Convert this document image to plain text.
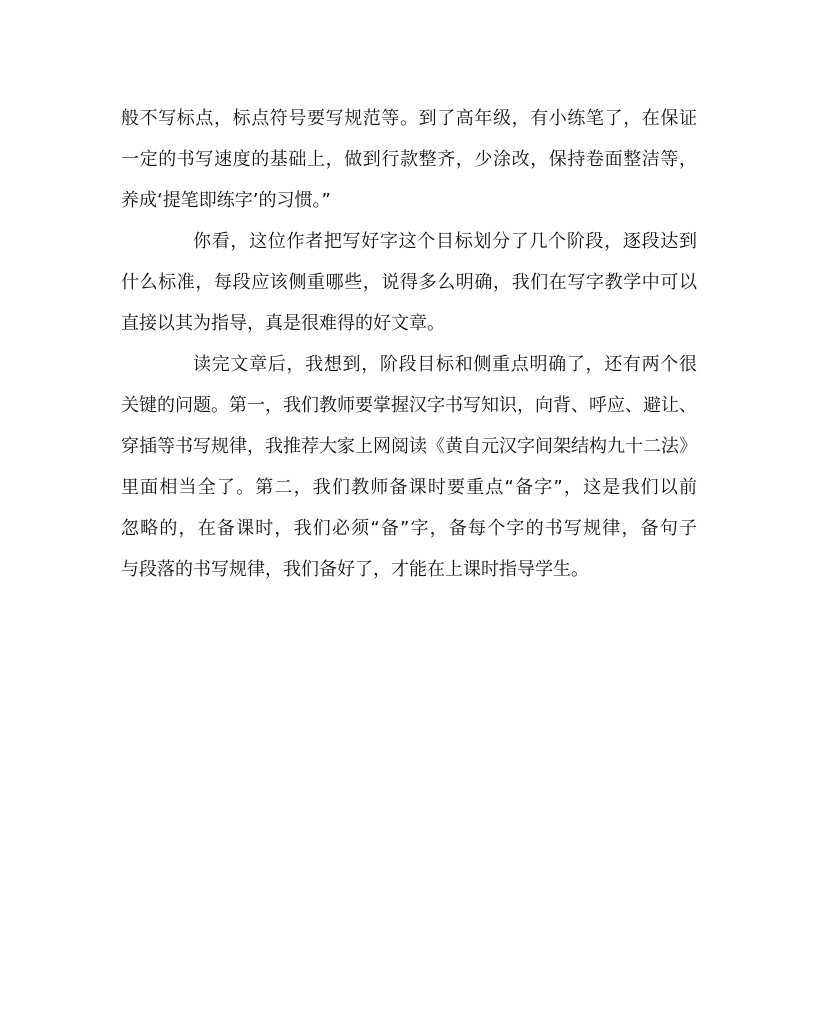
般不写标点，标点符号要写规范等。到了高年级，有小练笔了，在保证
一定的书写速度的基础上，做到行款整齐，少涂改，保持卷面整洁等，
养成‘提笔即练字’的习惯。”
你看，这位作者把写好字这个目标划分了几个阶段，逐段达到
什么标准，每段应该侧重哪些，说得多么明确，我们在写字教学中可以
直接以其为指导，真是很难得的好文章。
读完文章后，我想到，阶段目标和侧重点明确了，还有两个很
关键的问题。第一，我们教师要掌握汉字书写知识，向背、呼应、避让、
穿插等书写规律，我推荐大家上网阅读《黄自元汉字间架结构九十二法》
里面相当全了。第二，我们教师备课时要重点“备字”，这是我们以前
忽略的，在备课时，我们必须“备”字，备每个字的书写规律，备句子
与段落的书写规律，我们备好了，才能在上课时指导学生。
